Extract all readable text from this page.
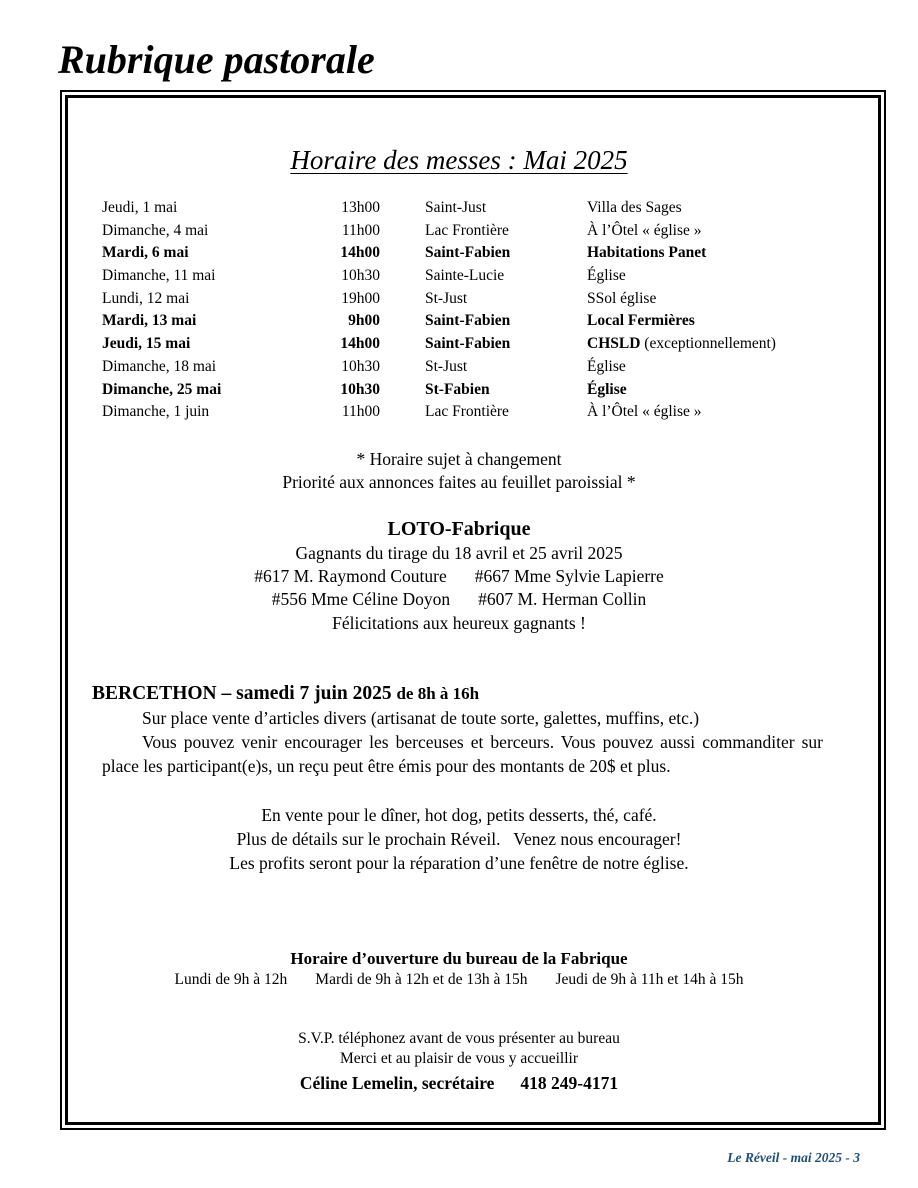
Rubrique pastorale
Horaire des messes : Mai 2025
Jeudi, 1 mai	13h00	Saint-Just	Villa des Sages
Dimanche, 4 mai	11h00	Lac Frontière	À l’Ôtel « église »
Mardi, 6 mai	14h00	Saint-Fabien	Habitations Panet
Dimanche, 11 mai	10h30	Sainte-Lucie	Église
Lundi, 12 mai	19h00	St-Just	SSol église
Mardi, 13 mai	9h00	Saint-Fabien	Local Fermières
Jeudi, 15 mai	14h00	Saint-Fabien	CHSLD (exceptionnellement)
Dimanche, 18 mai	10h30	St-Just	Église
Dimanche, 25 mai	10h30	St-Fabien	Église
Dimanche, 1 juin	11h00	Lac Frontière	À l’Ôtel « église »
* Horaire sujet à changement
Priorité aux annonces faites au feuillet paroissial *
LOTO-Fabrique
Gagnants du tirage du 18 avril et 25 avril 2025
#617 M. Raymond Couture #667 Mme Sylvie Lapierre
#556 Mme Céline Doyon #607 M. Herman Collin
Félicitations aux heureux gagnants !
BERCETHON – samedi 7 juin 2025 de 8h à 16h

Sur place vente d’articles divers (artisanat de toute sorte, galettes, muffins, etc.)

Vous pouvez venir encourager les berceuses et berceurs. Vous pouvez aussi commanditer sur place les participant(e)s, un reçu peut être émis pour des montants de 20$ et plus.

En vente pour le dîner, hot dog, petits desserts, thé, café.
Plus de détails sur le prochain Réveil.   Venez nous encourager!
Les profits seront pour la réparation d’une fenêtre de notre église.
Horaire d’ouverture du bureau de la Fabrique
Lundi de 9h à 12h Mardi de 9h à 12h et de 13h à 15h Jeudi de 9h à 11h et 14h à 15h
S.V.P. téléphonez avant de vous présenter au bureau
Merci et au plaisir de vous y accueillir
Céline Lemelin, secrétaire 418 249-4171
Le Réveil - mai 2025 - 3
